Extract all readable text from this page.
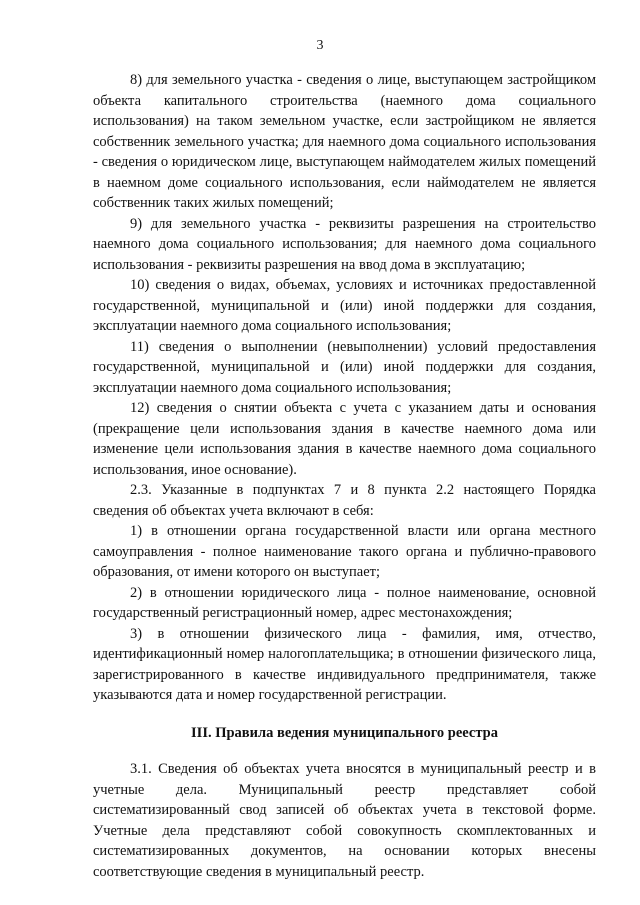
3

8) для земельного участка - сведения о лице, выступающем застройщиком объекта капитального строительства (наемного дома социального использования) на таком земельном участке, если застройщиком не является собственник земельного участка; для наемного дома социального использования - сведения о юридическом лице, выступающем наймодателем жилых помещений в наемном доме социального использования, если наймодателем не является собственник таких жилых помещений;

9) для земельного участка - реквизиты разрешения на строительство наемного дома социального использования; для наемного дома социального использования - реквизиты разрешения на ввод дома в эксплуатацию;

10) сведения о видах, объемах, условиях и источниках предоставленной государственной, муниципальной и (или) иной поддержки для создания, эксплуатации наемного дома социального использования;

11) сведения о выполнении (невыполнении) условий предоставления государственной, муниципальной и (или) иной поддержки для создания, эксплуатации наемного дома социального использования;

12) сведения о снятии объекта с учета с указанием даты и основания (прекращение цели использования здания в качестве наемного дома или изменение цели использования здания в качестве наемного дома социального использования, иное основание).

2.3. Указанные в подпунктах 7 и 8 пункта 2.2 настоящего Порядка сведения об объектах учета включают в себя:

1) в отношении органа государственной власти или органа местного самоуправления - полное наименование такого органа и публично-правового образования, от имени которого он выступает;

2) в отношении юридического лица - полное наименование, основной государственный регистрационный номер, адрес местонахождения;

3) в отношении физического лица - фамилия, имя, отчество, идентификационный номер налогоплательщика; в отношении физического лица, зарегистрированного в качестве индивидуального предпринимателя, также указываются дата и номер государственной регистрации.

III. Правила ведения муниципального реестра

3.1. Сведения об объектах учета вносятся в муниципальный реестр и в учетные дела. Муниципальный реестр представляет собой систематизированный свод записей об объектах учета в текстовой форме. Учетные дела представляют собой совокупность скомплектованных и систематизированных документов, на основании которых внесены соответствующие сведения в муниципальный реестр.
